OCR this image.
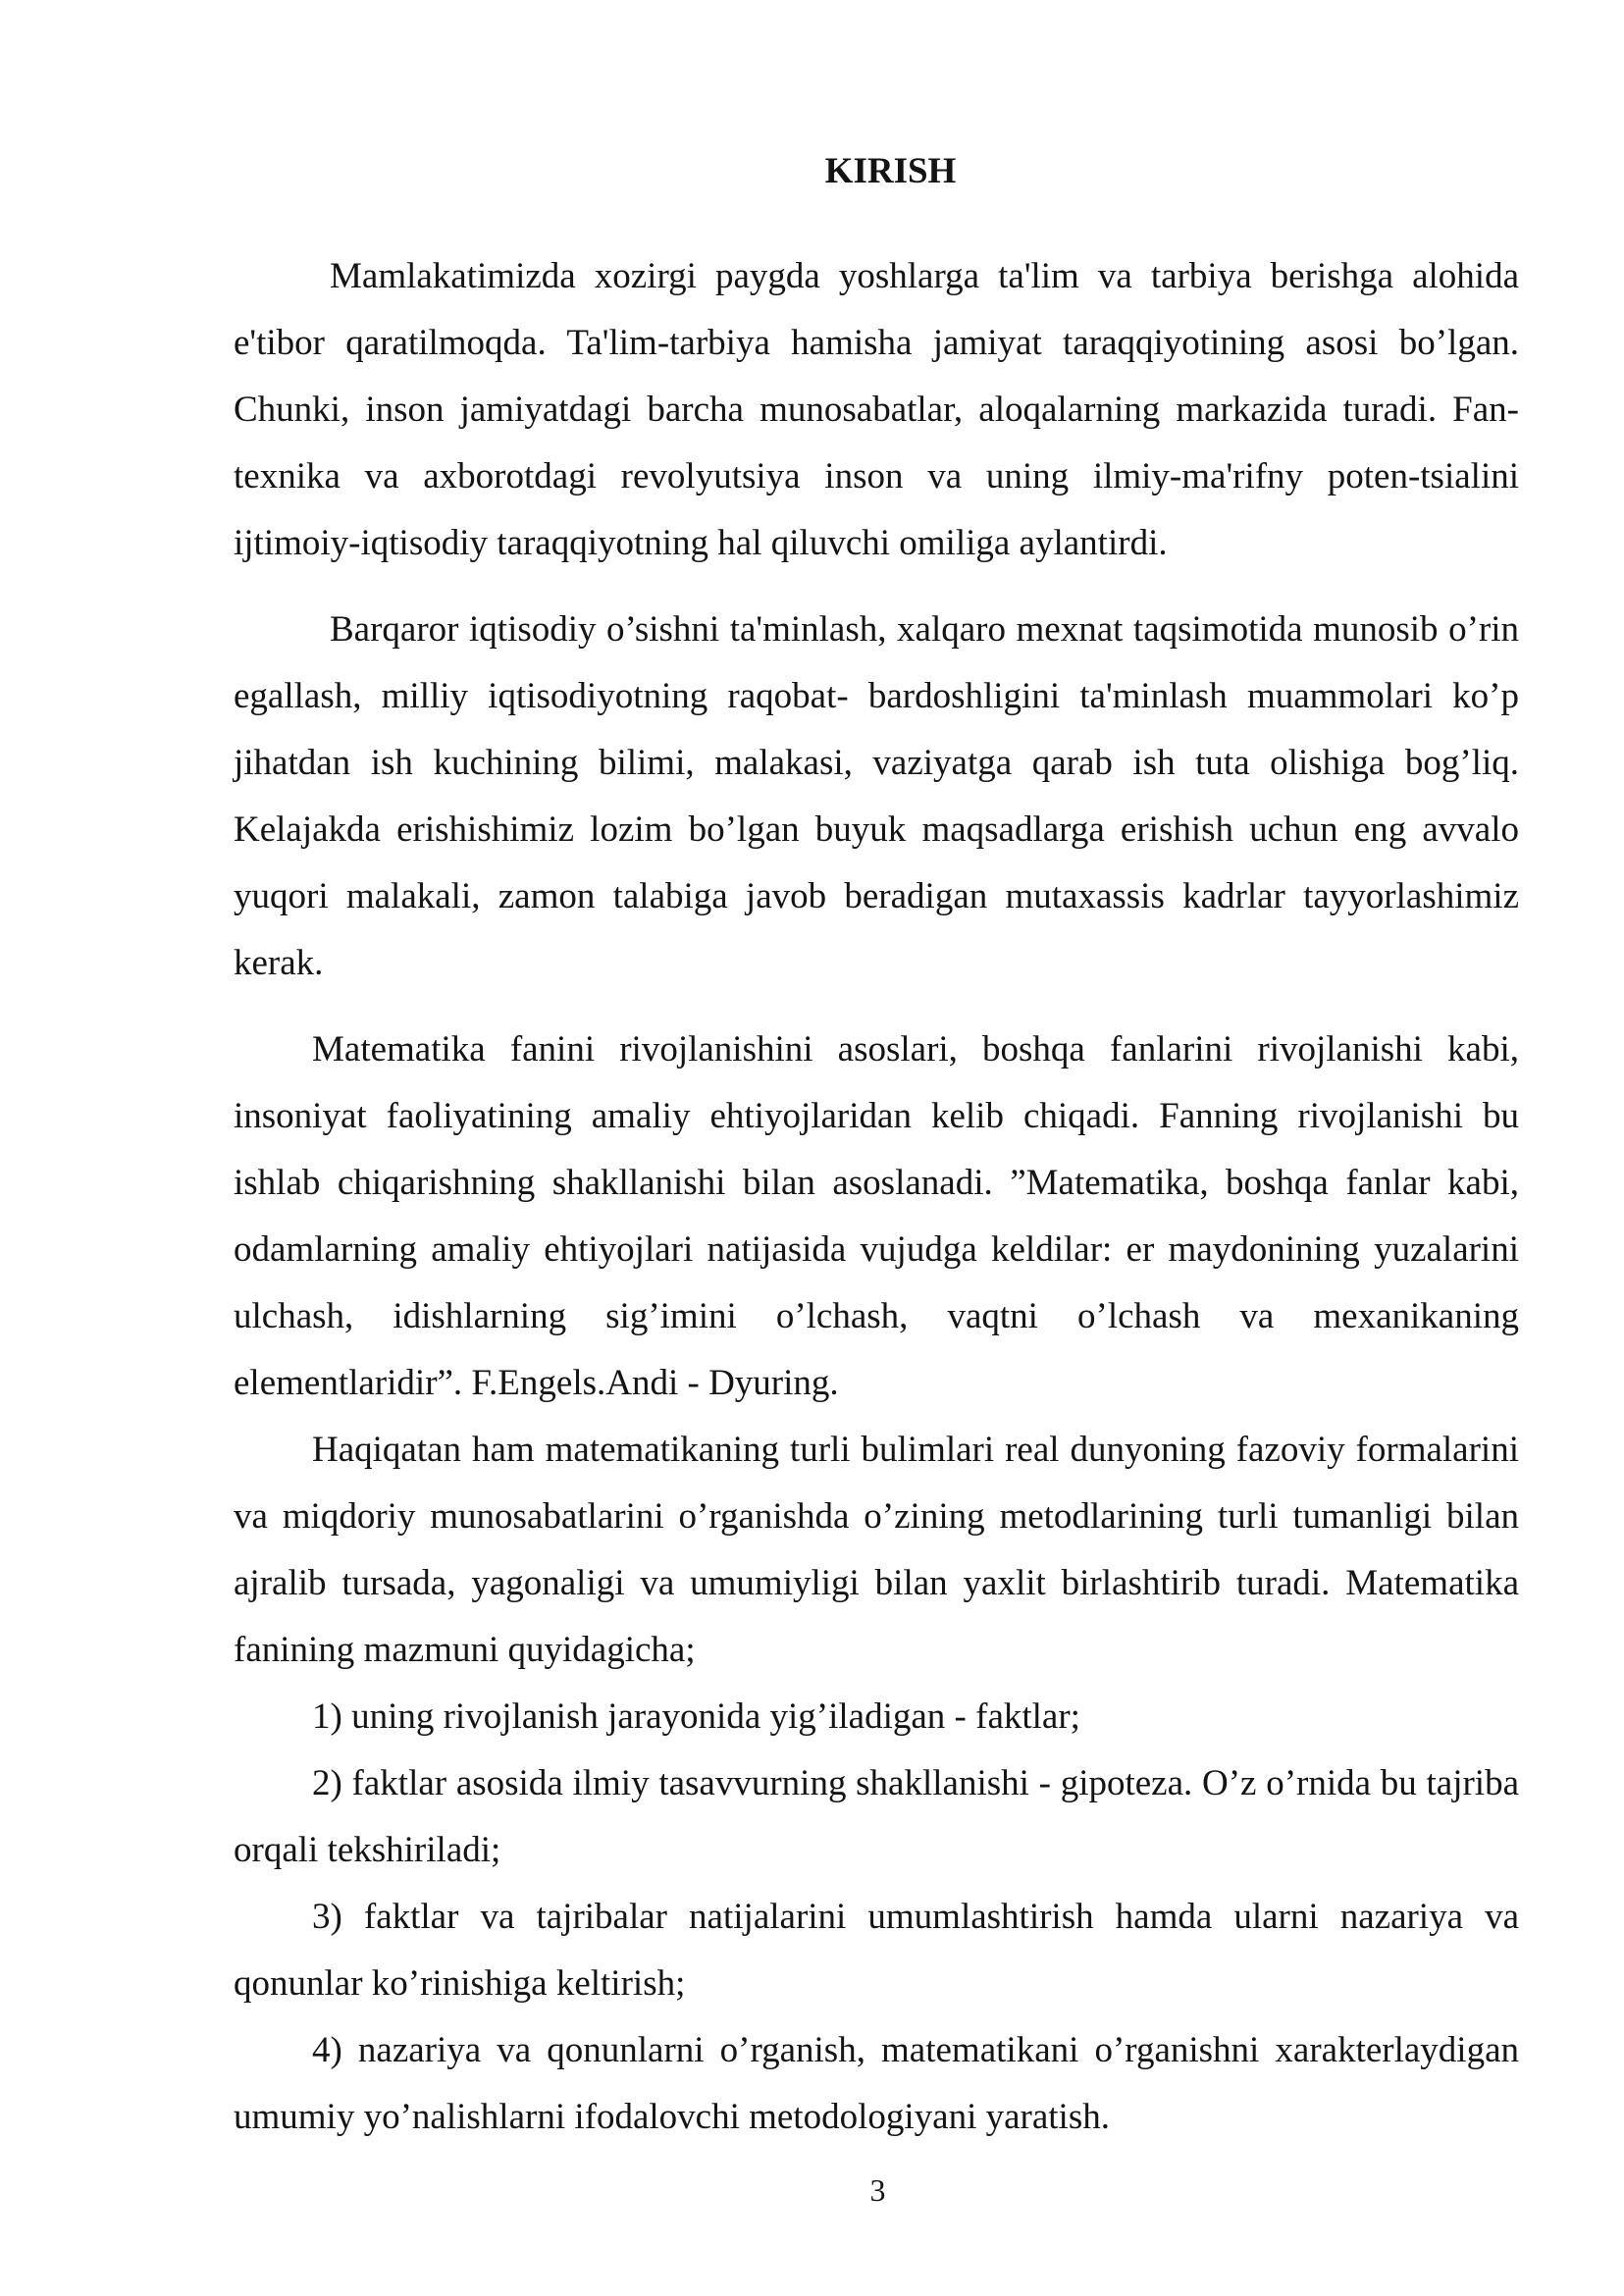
KIRISH

Mamlakatimizda xozirgi paygda yoshlarga ta'lim va tarbiya berishga alohida e'tibor qaratilmoqda. Ta'lim-tarbiya hamisha jamiyat taraqqiyotining asosi bo’lgan. Chunki, inson jamiyatdagi barcha munosabatlar, aloqalarning markazida turadi. Fan-texnika va axborotdagi revolyutsiya inson va uning ilmiy-ma'rifny poten-tsialini ijtimoiy-iqtisodiy taraqqiyotning hal qiluvchi omiliga aylantirdi.

Barqaror iqtisodiy o’sishni ta'minlash, xalqaro mexnat taqsimotida munosib o’rin egallash, milliy iqtisodiyotning raqobat- bardoshligini ta'minlash muammolari ko’p jihatdan ish kuchining bilimi, malakasi, vaziyatga qarab ish tuta olishiga bog’liq. Kelajakda erishishimiz lozim bo’lgan buyuk maqsadlarga erishish uchun eng avvalo yuqori malakali, zamon talabiga javob beradigan mutaxassis kadrlar tayyorlashimiz kerak.

Matematika fanini rivojlanishini asoslari, boshqa fanlarini rivojlanishi kabi, insoniyat faoliyatining amaliy ehtiyojlaridan kelib chiqadi. Fanning rivojlanishi bu ishlab chiqarishning shakllanishi bilan asoslanadi. ”Matematika, boshqa fanlar kabi, odamlarning amaliy ehtiyojlari natijasida vujudga keldilar: er maydonining yuzalarini ulchash, idishlarning sig’imini o’lchash, vaqtni o’lchash va mexanikaning elementlaridir”. F.Engels.Andi - Dyuring.

Haqiqatan ham matematikaning turli bulimlari real dunyoning fazoviy formalarini va miqdoriy munosabatlarini o’rganishda o’zining metodlarining turli tumanligi bilan ajralib tursada, yagonaligi va umumiyligi bilan yaxlit birlashtirib turadi. Matematika fanining mazmuni quyidagicha;

1) uning rivojlanish jarayonida yig’iladigan - faktlar;

2) faktlar asosida ilmiy tasavvurning shakllanishi - gipoteza. O’z o’rnida bu tajriba orqali tekshiriladi;

3) faktlar va tajribalar natijalarini umumlashtirish hamda ularni nazariya va qonunlar ko’rinishiga keltirish;

4) nazariya va qonunlarni o’rganish, matematikani o’rganishni xarakterlaydigan umumiy yo’nalishlarni ifodalovchi metodologiyani yaratish.

3
